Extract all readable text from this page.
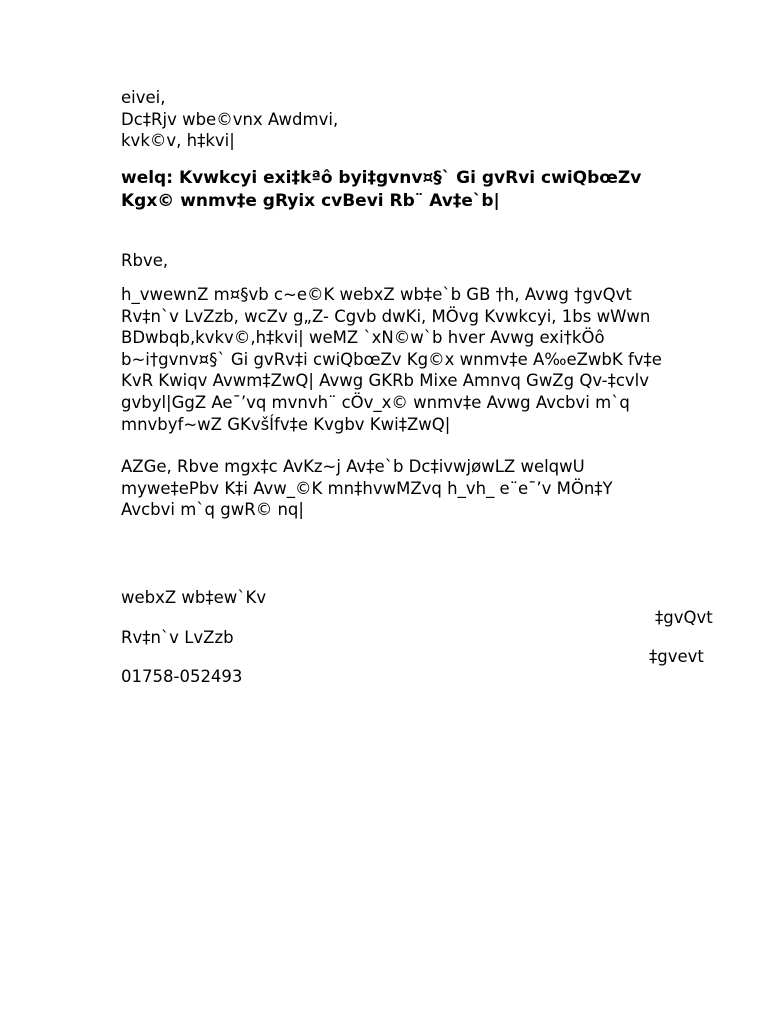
eivei,
Dc‡Rjv wbe©vnx Awdmvi,
kvk©v, h‡kvi|
welq: Kvwkcyi exi‡kªô byi‡gvnv¤§` Gi gvRvi cwiQbœZv
Kgx© wnmv‡e gRyix cvBevi Rb¨ Av‡e`b|
Rbve,
h_vwewnZ m¤§vb c~e©K webxZ wb‡e`b GB †h, Avwg †gvQvt
Rv‡n`v LvZzb, wcZv g„Z- Cgvb dwKi, MÖvg Kvwkcyi, 1bs wWwn
BDwbqb,kvkv©,h‡kvi| weMZ `xN©w`b hver Avwg exi†kÖô
b~i†gvnv¤§` Gi gvRv‡i cwiQbœZv Kg©x wnmv‡e A‰eZwbK fv‡e
KvR Kwiqv Avwm‡ZwQ| Avwg GKRb Mixe Amnvq GwZg Qv-‡cvlv
gvbyl|GgZ Ae¯’vq mvnvh¨ cÖv_x© wnmv‡e Avwg Avcbvi m`q
mnvbyf~wZ GKvšÍfv‡e Kvgbv Kwi‡ZwQ|
AZGe, Rbve mgx‡c AvKz~j Av‡e`b Dc‡ivwjøwLZ welqwU
mywe‡ePbv K‡i Avw_©K mn‡hvwMZvq h_vh_ e¨e¯’v MÖn‡Y
Avcbvi m`q gwR© nq|
webxZ wb‡ew`Kv
‡gvQvt
Rv‡n`v LvZzb
‡gvevt
01758-052493
